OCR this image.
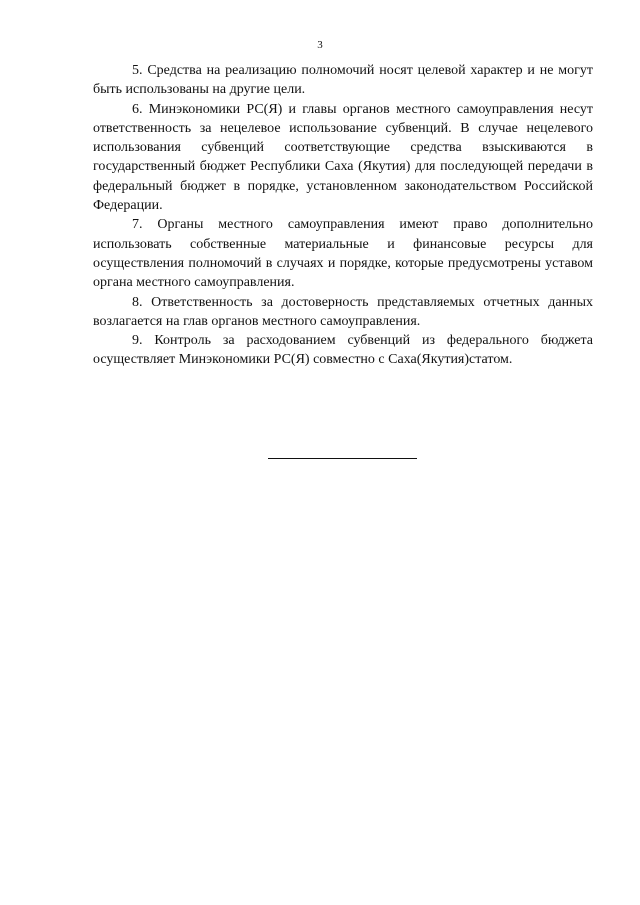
3

5. Средства на реализацию полномочий носят целевой характер и не могут быть использованы на другие цели.

6. Минэкономики РС(Я) и главы органов местного самоуправления несут ответственность за нецелевое использование субвенций. В случае нецелевого использования субвенций соответствующие средства взыскиваются в государственный бюджет Республики Саха (Якутия) для последующей передачи в федеральный бюджет в порядке, установленном законодательством Российской Федерации.

7. Органы местного самоуправления имеют право дополнительно использовать собственные материальные и финансовые ресурсы для осуществления полномочий в случаях и порядке, которые предусмотрены уставом органа местного самоуправления.

8. Ответственность за достоверность представляемых отчетных данных возлагается на глав органов местного самоуправления.

9. Контроль за расходованием субвенций из федерального бюджета осуществляет Минэкономики РС(Я) совместно с Саха(Якутия)статом.
